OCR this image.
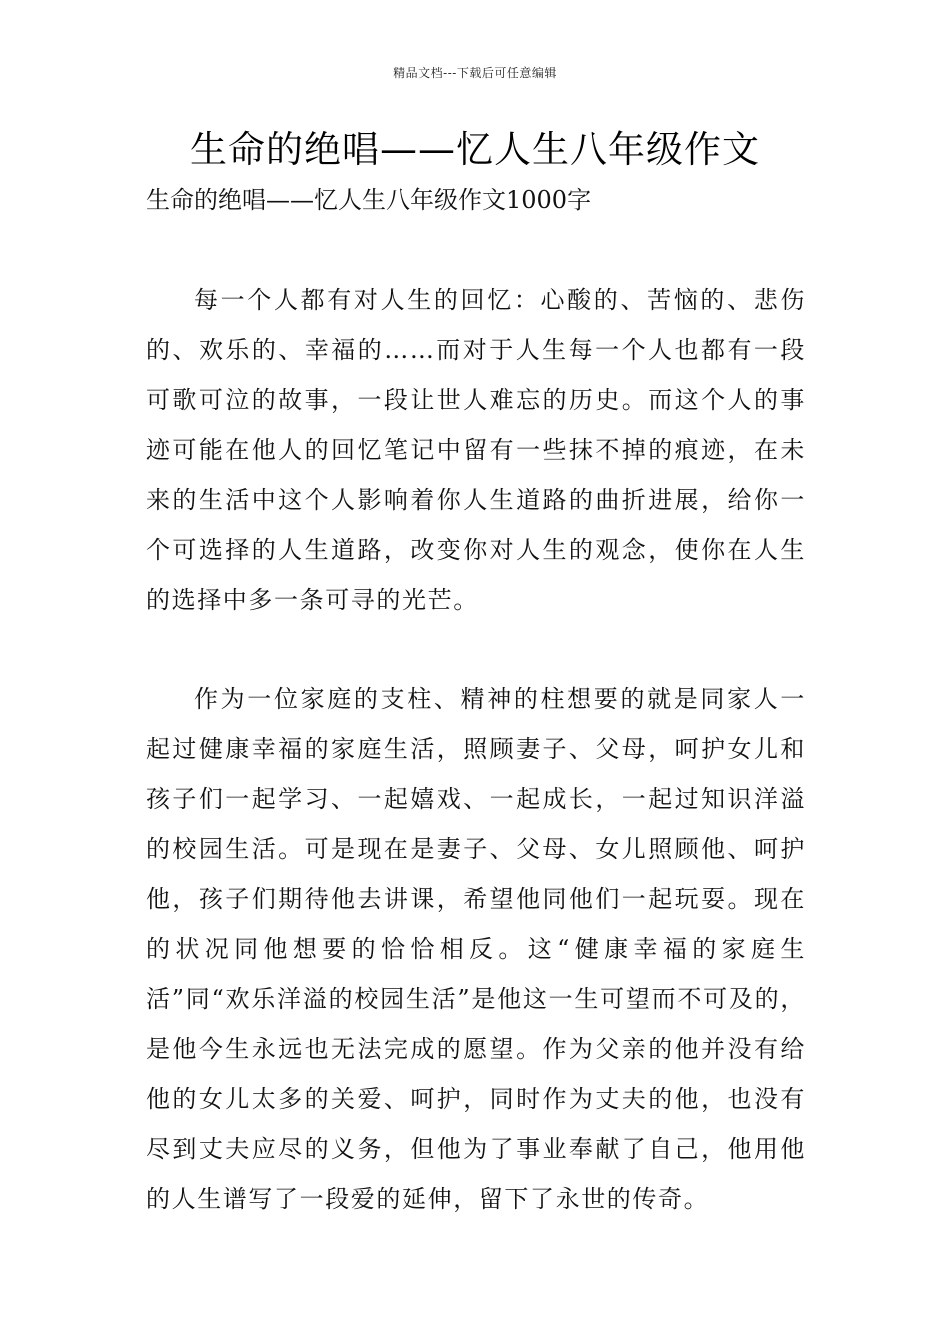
精品文档---下载后可任意编辑
生命的绝唱——忆人生八年级作文

生命的绝唱——忆人生八年级作文1000字

每一个人都有对人生的回忆：心酸的、苦恼的、悲伤的、欢乐的、幸福的……而对于人生每一个人也都有一段可歌可泣的故事，一段让世人难忘的历史。而这个人的事迹可能在他人的回忆笔记中留有一些抹不掉的痕迹，在未来的生活中这个人影响着你人生道路的曲折进展，给你一个可选择的人生道路，改变你对人生的观念，使你在人生的选择中多一条可寻的光芒。

作为一位家庭的支柱、精神的柱想要的就是同家人一起过健康幸福的家庭生活，照顾妻子、父母，呵护女儿和孩子们一起学习、一起嬉戏、一起成长，一起过知识洋溢的校园生活。可是现在是妻子、父母、女儿照顾他、呵护他，孩子们期待他去讲课，希望他同他们一起玩耍。现在的状况同他想要的恰恰相反。这“健康幸福的家庭生活”同“欢乐洋溢的校园生活”是他这一生可望而不可及的，是他今生永远也无法完成的愿望。作为父亲的他并没有给他的女儿太多的关爱、呵护，同时作为丈夫的他，也没有尽到丈夫应尽的义务，但他为了事业奉献了自己，他用他的人生谱写了一段爱的延伸，留下了永世的传奇。
